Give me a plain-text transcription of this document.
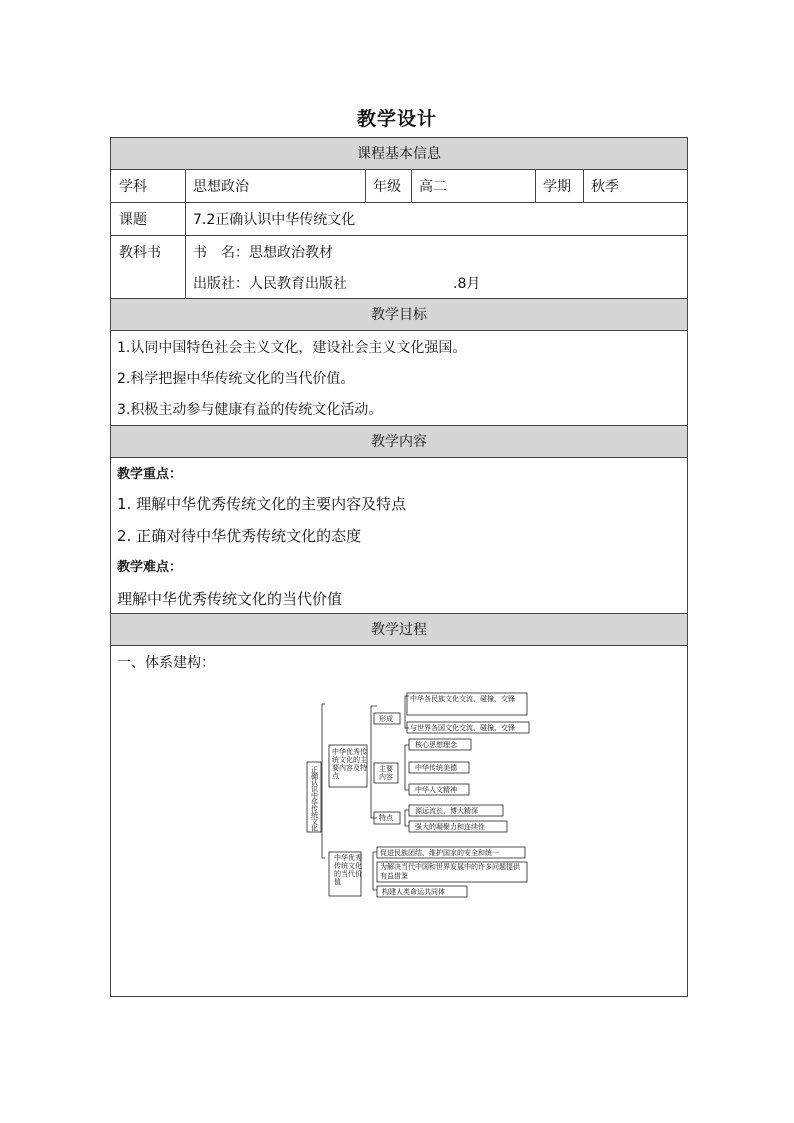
教学设计
课程基本信息
学科	思想政治	年级 高二	学期 秋季
课题	7.2正确认识中华传统文化
教科书 书　名：思想政治教材
出版社：人民教育出版社	.8月
教学目标
1.认同中国特色社会主义文化，建设社会主义文化强国。
2.科学把握中华传统文化的当代价值。
3.积极主动参与健康有益的传统文化活动。
教学内容
教学重点：
1. 理解中华优秀传统文化的主要内容及特点
2. 正确对待中华优秀传统文化的态度
教学难点：
理解中华优秀传统文化的当代价值
教学过程
一、体系建构：
正
确
认
识
中
华
传
统
文
化
中华优秀传
统文化的主
要内容及特
点
中华优秀
传统文化
的当代价
值
形成
主要
内容
特点
中华各民族文化交流、碰撞、交锋
与世界各国文化交流、碰撞、交锋
核心思想理念
中华传统美德
中华人文精神
源远流长、博大精深
强大的凝聚力和连续性
促进民族团结、维护国家的安全和统一
为解决当代中国和世界发展中的许多问题提供
有益借鉴
构建人类命运共同体
